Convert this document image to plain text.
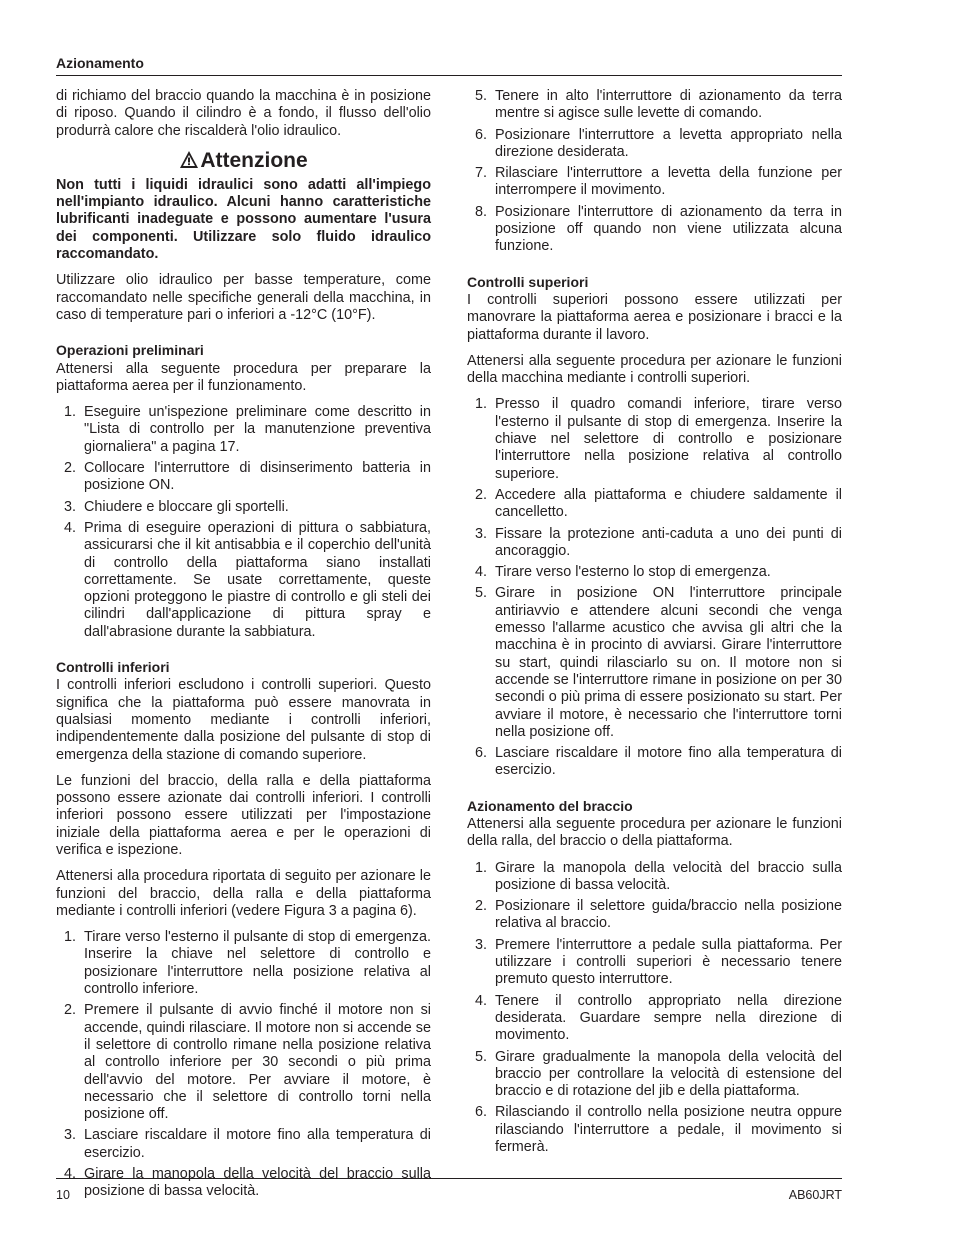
Azionamento

di richiamo del braccio quando la macchina è in posizione di riposo. Quando il cilindro è a fondo, il flusso dell'olio produrrà calore che riscalderà l'olio idraulico.

Attenzione

Non tutti i liquidi idraulici sono adatti all'impiego nell'impianto idraulico. Alcuni hanno caratteristiche lubrificanti inadeguate e possono aumentare l'usura dei componenti. Utilizzare solo fluido idraulico raccomandato.

Utilizzare olio idraulico per basse temperature, come raccomandato nelle specifiche generali della macchina, in caso di temperature pari o inferiori a -12°C (10°F).

Operazioni preliminari

Attenersi alla seguente procedura per preparare la piattaforma aerea per il funzionamento.

1. Eseguire un'ispezione preliminare come descritto in "Lista di controllo per la manutenzione preventiva giornaliera" a pagina 17.
2. Collocare l'interruttore di disinserimento batteria in posizione ON.
3. Chiudere e bloccare gli sportelli.
4. Prima di eseguire operazioni di pittura o sabbiatura, assicurarsi che il kit antisabbia e il coperchio dell'unità di controllo della piattaforma siano installati correttamente. Se usate correttamente, queste opzioni proteggono le piastre di controllo e gli steli dei cilindri dall'applicazione di pittura spray e dall'abrasione durante la sabbiatura.
Controlli inferiori

I controlli inferiori escludono i controlli superiori. Questo significa che la piattaforma può essere manovrata in qualsiasi momento mediante i controlli inferiori, indipendentemente dalla posizione del pulsante di stop di emergenza della stazione di comando superiore.

Le funzioni del braccio, della ralla e della piattaforma possono essere azionate dai controlli inferiori. I controlli inferiori possono essere utilizzati per l'impostazione iniziale della piattaforma aerea e per le operazioni di verifica e ispezione.

Attenersi alla procedura riportata di seguito per azionare le funzioni del braccio, della ralla e della piattaforma mediante i controlli inferiori (vedere Figura 3 a pagina 6).

1. Tirare verso l'esterno il pulsante di stop di emergenza. Inserire la chiave nel selettore di controllo e posizionare l'interruttore nella posizione relativa al controllo inferiore.
2. Premere il pulsante di avvio finché il motore non si accende, quindi rilasciare. Il motore non si accende se il selettore di controllo rimane nella posizione relativa al controllo inferiore per 30 secondi o più prima dell'avvio del motore. Per avviare il motore, è necessario che il selettore di controllo torni nella posizione off.
3. Lasciare riscaldare il motore fino alla temperatura di esercizio.
4. Girare la manopola della velocità del braccio sulla posizione di bassa velocità.
5. Tenere in alto l'interruttore di azionamento da terra mentre si agisce sulle levette di comando.
6. Posizionare l'interruttore a levetta appropriato nella direzione desiderata.
7. Rilasciare l'interruttore a levetta della funzione per interrompere il movimento.
8. Posizionare l'interruttore di azionamento da terra in posizione off quando non viene utilizzata alcuna funzione.
Controlli superiori

I controlli superiori possono essere utilizzati per manovrare la piattaforma aerea e posizionare i bracci e la piattaforma durante il lavoro.

Attenersi alla seguente procedura per azionare le funzioni della macchina mediante i controlli superiori.

1. Presso il quadro comandi inferiore, tirare verso l'esterno il pulsante di stop di emergenza. Inserire la chiave nel selettore di controllo e posizionare l'interruttore nella posizione relativa al controllo superiore.
2. Accedere alla piattaforma e chiudere saldamente il cancelletto.
3. Fissare la protezione anti-caduta a uno dei punti di ancoraggio.
4. Tirare verso l'esterno lo stop di emergenza.
5. Girare in posizione ON l'interruttore principale antiriavvio e attendere alcuni secondi che venga emesso l'allarme acustico che avvisa gli altri che la macchina è in procinto di avviarsi. Girare l'interruttore su start, quindi rilasciarlo su on. Il motore non si accende se l'interruttore rimane in posizione on per 30 secondi o più prima di essere posizionato su start. Per avviare il motore, è necessario che l'interruttore torni nella posizione off.
6. Lasciare riscaldare il motore fino alla temperatura di esercizio.
Azionamento del braccio

Attenersi alla seguente procedura per azionare le funzioni della ralla, del braccio o della piattaforma.

1. Girare la manopola della velocità del braccio sulla posizione di bassa velocità.
2. Posizionare il selettore guida/braccio nella posizione relativa al braccio.
3. Premere l'interruttore a pedale sulla piattaforma. Per utilizzare i controlli superiori è necessario tenere premuto questo interruttore.
4. Tenere il controllo appropriato nella direzione desiderata. Guardare sempre nella direzione di movimento.
5. Girare gradualmente la manopola della velocità del braccio per controllare la velocità di estensione del braccio e di rotazione del jib e della piattaforma.
6. Rilasciando il controllo nella posizione neutra oppure rilasciando l'interruttore a pedale, il movimento si fermerà.
10	AB60JRT
